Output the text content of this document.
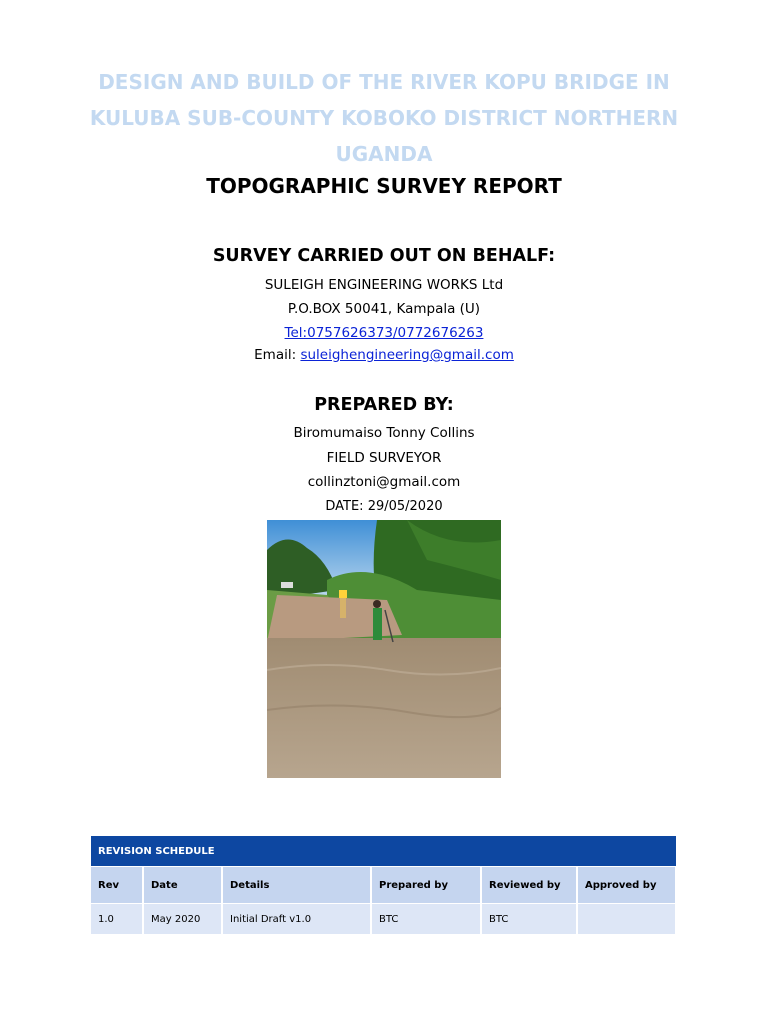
DESIGN AND BUILD OF THE RIVER KOPU BRIDGE IN KULUBA SUB-COUNTY KOBOKO DISTRICT NORTHERN UGANDA
TOPOGRAPHIC SURVEY REPORT
SURVEY CARRIED OUT ON BEHALF:
SULEIGH ENGINEERING WORKS Ltd
P.O.BOX 50041, Kampala (U)
Tel:0757626373/0772676263
Email: suleighengineering@gmail.com
PREPARED BY:
Biromumaiso Tonny Collins
FIELD SURVEYOR
collinztoni@gmail.com
DATE: 29/05/2020
REVISION SCHEDULE					
Rev	Date	Details	Prepared by	Reviewed by	Approved by
1.0	May 2020	Initial Draft v1.0	BTC	BTC	
